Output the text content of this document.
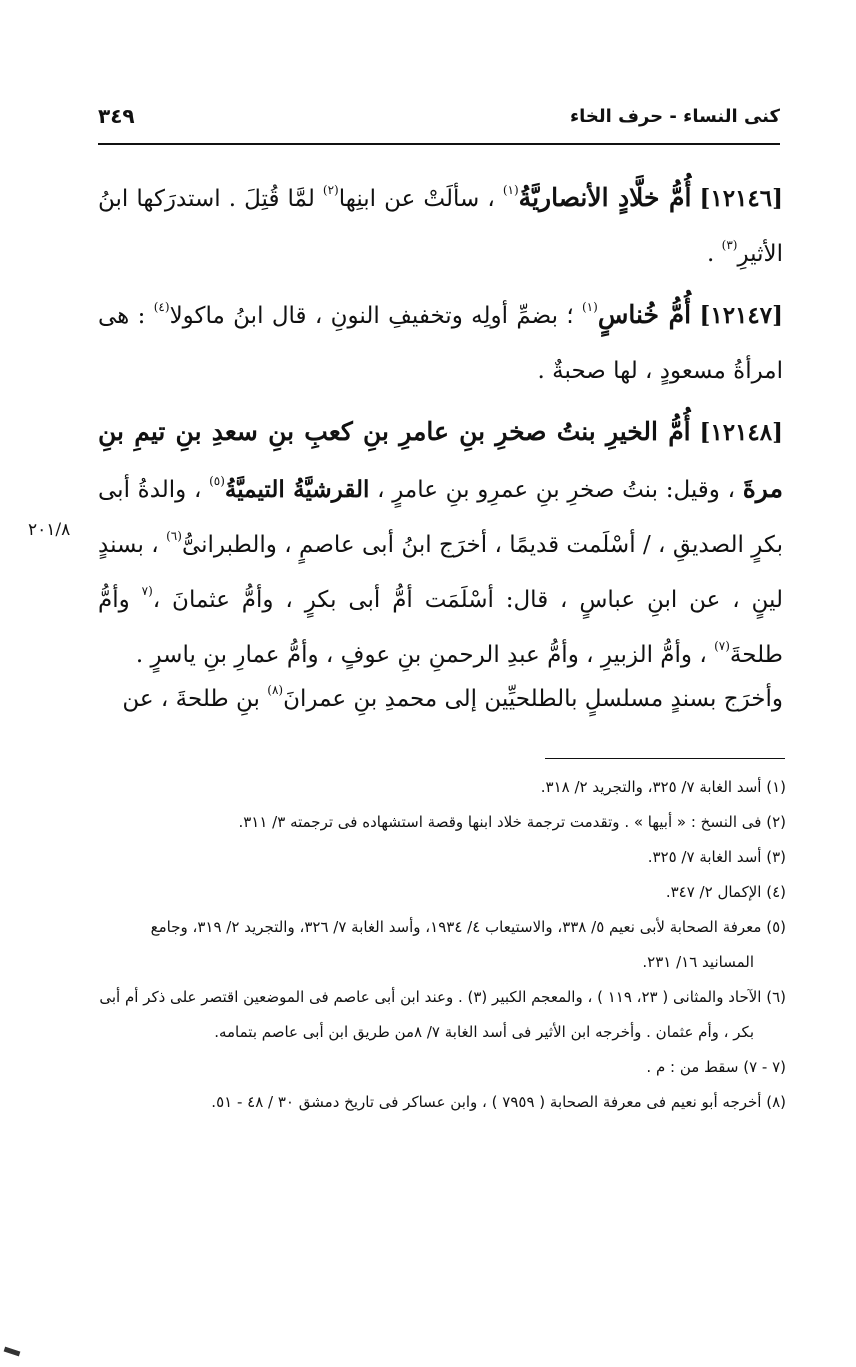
كنى النساء - حرف الخاء
٣٤٩

[١٢١٤٦] أُمُّ خلَّادٍ الأنصاريَّةُ$^{(١)}$ ، سألَتْ عن ابنِها$^{(٢)}$ لمَّا قُتِلَ . استدرَكها ابنُ الأثيرِ$^{(٣)}$ .

[١٢١٤٧] أُمُّ خُناسٍ$^{(١)}$ ؛ بضمِّ أولِه وتخفيفِ النونِ ، قال ابنُ ماكولا$^{(٤)}$ : هى امرأةُ مسعودٍ ، لها صحبةٌ .

[١٢١٤٨] أُمُّ الخيرِ بنتُ صخرِ بنِ عامرِ بنِ كعبِ بنِ سعدِ بنِ تيمِ بنِ مرةَ ، وقيل: بنتُ صخرِ بنِ عمرِو بنِ عامرٍ ، القرشيَّةُ التيميَّةُ$^{(٥)}$ ، والدةُ أبى بكرٍ الصديقِ ، / أسْلَمت قديمًا ، أخرَج ابنُ أبى عاصمٍ ، والطبرانىُّ$^{(٦)}$ ، بسندٍ لينٍ ، عن ابنِ عباسٍ ، قال: أسْلَمَت أمُّ أبى بكرٍ ، وأمُّ عثمانَ ،$^{(٧}$ وأمُّ طلحةَ$^{(٧)}$ ، وأمُّ الزبيرِ ، وأمُّ عبدِ الرحمنِ بنِ عوفٍ ، وأمُّ عمارِ بنِ ياسرٍ .

وأخرَج بسندٍ مسلسلٍ بالطلحيِّين إلى محمدِ بنِ عمرانَ$^{(٨)}$ بنِ طلحةَ ، عن

٢٠١/٨

(١) أسد الغابة ٧/ ٣٢٥، والتجريد ٢/ ٣١٨.

(٢) فى النسخ : « أبيها » . وتقدمت ترجمة خلاد ابنها وقصة استشهاده فى ترجمته ٣/ ٣١١.

(٣) أسد الغابة ٧/ ٣٢٥.

(٤) الإكمال ٢/ ٣٤٧.

(٥) معرفة الصحابة لأبى نعيم ٥/ ٣٣٨، والاستيعاب ٤/ ١٩٣٤، وأسد الغابة ٧/ ٣٢٦، والتجريد ٢/ ٣١٩، وجامع المسانيد ١٦/ ٢٣١.

(٦) الآحاد والمثانى ( ٢٣، ١١٩ ) ، والمعجم الكبير (٣) . وعند ابن أبى عاصم فى الموضعين اقتصر على ذكر أم أبى بكر ، وأم عثمان . وأخرجه ابن الأثير فى أسد الغابة ٧/ ٨من طريق ابن أبى عاصم بتمامه.

(٧ - ٧) سقط من : م .

(٨) أخرجه أبو نعيم فى معرفة الصحابة ( ٧٩٥٩ ) ، وابن عساكر فى تاريخ دمشق ٣٠ / ٤٨ - ٥١.
